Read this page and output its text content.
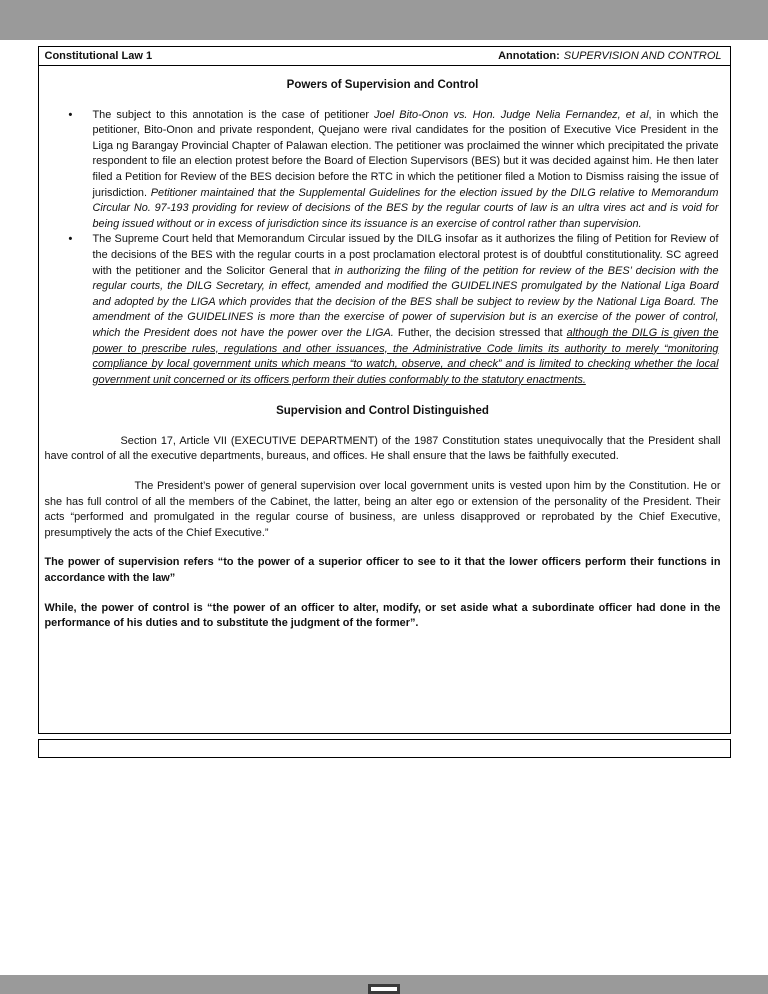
Constitutional Law 1	Annotation: SUPERVISION AND CONTROL
Powers of Supervision and Control
• The subject to this annotation is the case of petitioner Joel Bito-Onon vs. Hon. Judge Nelia Fernandez, et al, in which the petitioner, Bito-Onon and private respondent, Quejano were rival candidates for the position of Executive Vice President in the Liga ng Barangay Provincial Chapter of Palawan election. The petitioner was proclaimed the winner which precipitated the private respondent to file an election protest before the Board of Election Supervisors (BES) but it was decided against him. He then later filed a Petition for Review of the BES decision before the RTC in which the petitioner filed a Motion to Dismiss raising the issue of jurisdiction. Petitioner maintained that the Supplemental Guidelines for the election issued by the DILG relative to Memorandum Circular No. 97-193 providing for review of decisions of the BES by the regular courts of law is an ultra vires act and is void for being issued without or in excess of jurisdiction since its issuance is an exercise of control rather than supervision.
• The Supreme Court held that Memorandum Circular issued by the DILG insofar as it authorizes the filing of Petition for Review of the decisions of the BES with the regular courts in a post proclamation electoral protest is of doubtful constitutionality. SC agreed with the petitioner and the Solicitor General that in authorizing the filing of the petition for review of the BES’ decision with the regular courts, the DILG Secretary, in effect, amended and modified the GUIDELINES promulgated by the National Liga Board and adopted by the LIGA which provides that the decision of the BES shall be subject to review by the National Liga Board. The amendment of the GUIDELINES is more than the exercise of power of supervision but is an exercise of the power of control, which the President does not have the power over the LIGA. Futher, the decision stressed that although the DILG is given the power to prescribe rules, regulations and other issuances, the Administrative Code limits its authority to merely “monitoring compliance by local government units which means “to watch, observe, and check” and is limited to checking whether the local government unit concerned or its officers perform their duties conformably to the statutory enactments.
Supervision and Control Distinguished
Section 17, Article VII (EXECUTIVE DEPARTMENT) of the 1987 Constitution states unequivocally that the President shall have control of all the executive departments, bureaus, and offices. He shall ensure that the laws be faithfully executed.
The President’s power of general supervision over local government units is vested upon him by the Constitution. He or she has full control of all the members of the Cabinet, the latter, being an alter ego or extension of the personality of the President. Their acts “performed and promulgated in the regular course of business, are unless disapproved or reprobated by the Chief Executive, presumptively the acts of the Chief Executive.”
The power of supervision refers “to the power of a superior officer to see to it that the lower officers perform their functions in accordance with the law”
While, the power of control is “the power of an officer to alter, modify, or set aside what a subordinate officer had done in the performance of his duties and to substitute the judgment of the former”.
